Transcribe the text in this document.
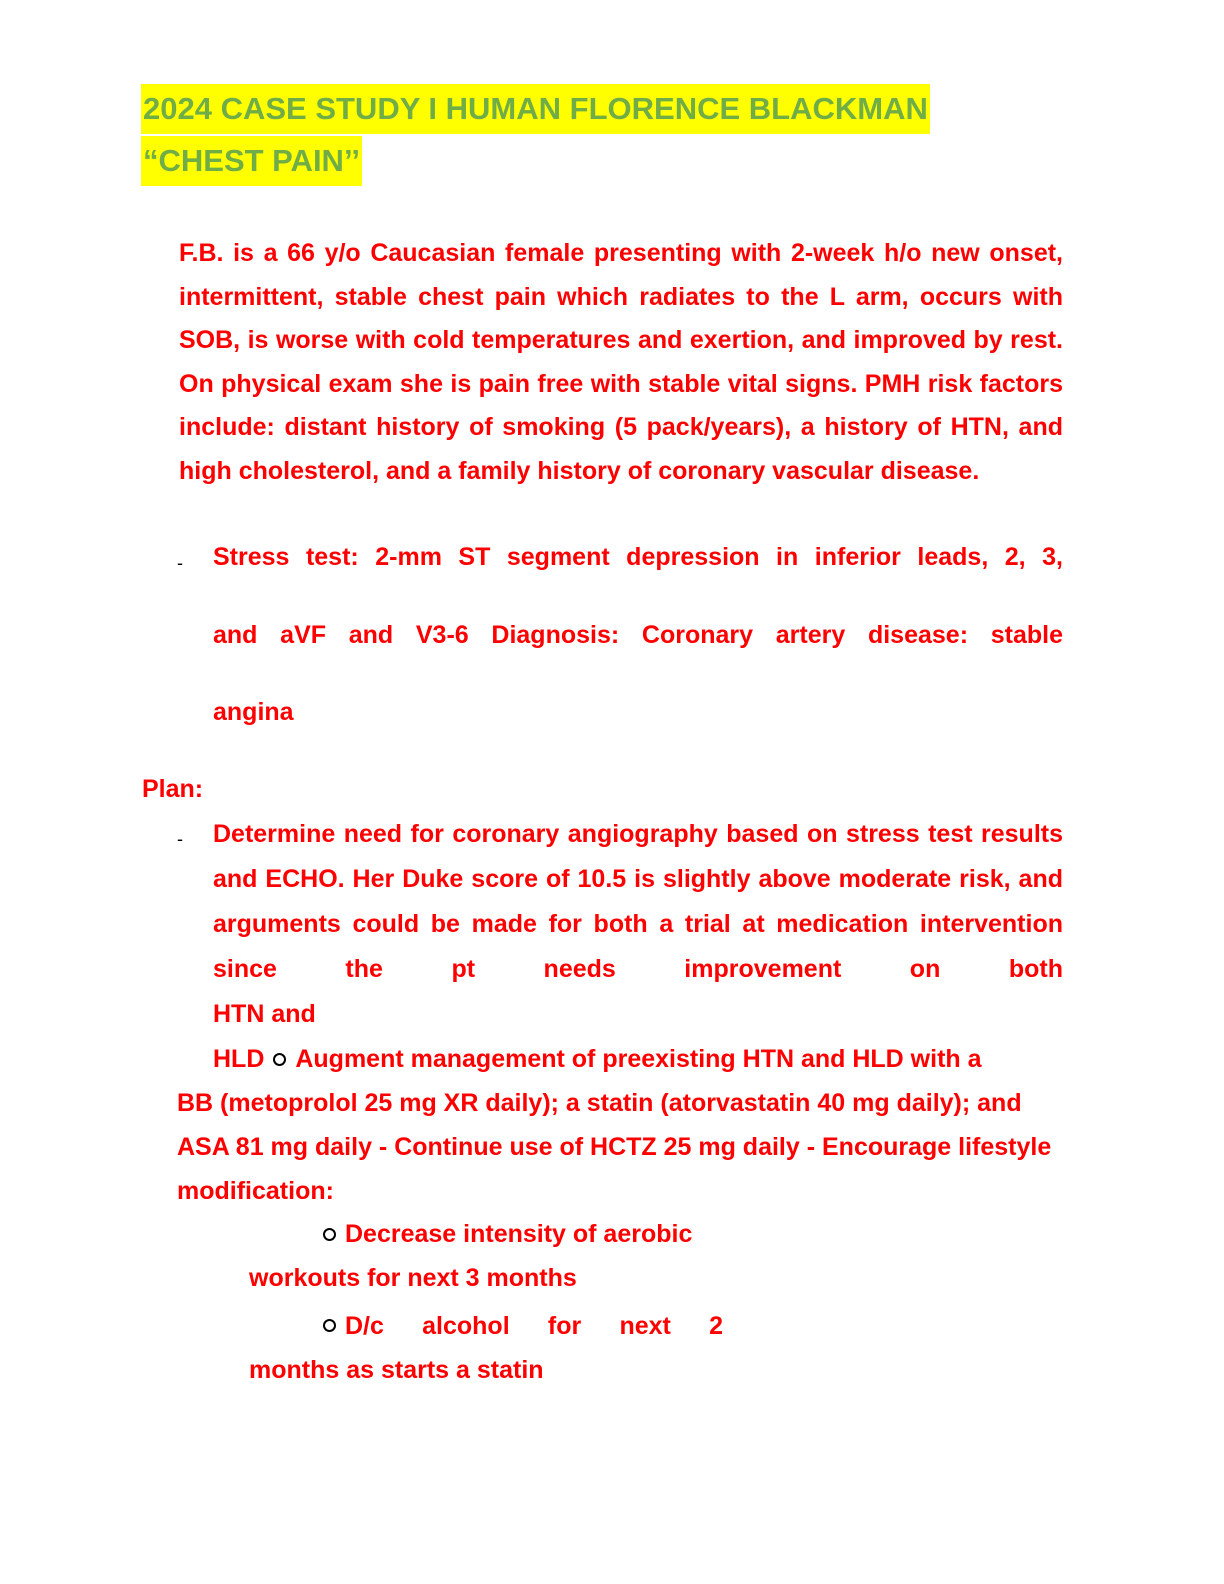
2024 CASE STUDY I HUMAN FLORENCE BLACKMAN
“CHEST PAIN’’

F.B. is a 66 y/o Caucasian female presenting with 2-week h/o new onset, intermittent, stable chest pain which radiates to the L arm, occurs with SOB, is worse with cold temperatures and exertion, and improved by rest. On physical exam she is pain free with stable vital signs. PMH risk factors include: distant history of smoking (5 pack/years), a history of HTN, and high cholesterol, and a family history of coronary vascular disease.

- Stress test: 2-mm ST segment depression in inferior leads, 2, 3,
and aVF and V3-6 Diagnosis: Coronary artery disease: stable
angina
Plan:
- Determine need for coronary angiography based on stress test results and ECHO. Her Duke score of 10.5 is slightly above moderate risk, and arguments could be made for both a trial at medication intervention since the pt needs improvement on both
HTN and
HLD Augment management of preexisting HTN and HLD with a
BB (metoprolol 25 mg XR daily); a statin (atorvastatin 40 mg daily); and ASA 81 mg daily - Continue use of HCTZ 25 mg daily - Encourage lifestyle modification:
Decrease intensity of aerobic
workouts for next 3 months
D/c alcohol for next 2
months as starts a statin
